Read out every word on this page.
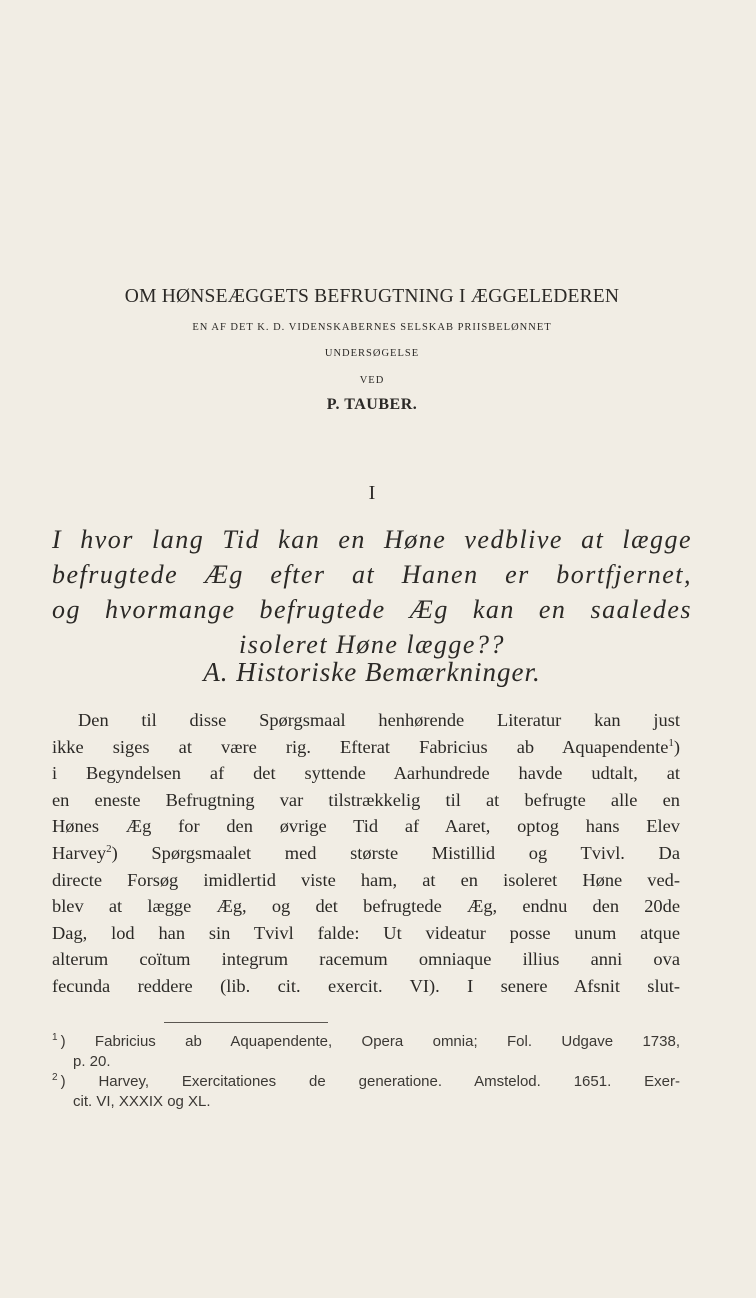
OM HØNSEÆGGETS BEFRUGTNING I ÆGGELEDEREN
EN AF DET K. D. VIDENSKABERNES SELSKAB PRIISBELØNNET
UNDERSØGELSE
VED
P. TAUBER.
I
I hvor lang Tid kan en Høne vedblive at lægge
befrugtede Æg efter at Hanen er bortfjernet,
og hvormange befrugtede Æg kan en saaledes
isoleret Høne lægge??
A. Historiske Bemærkninger.
Den til disse Spørgsmaal henhørende Literatur kan just
ikke siges at være rig. Efterat Fabricius ab Aquapendente$^1$)
i Begyndelsen af det syttende Aarhundrede havde udtalt, at
en eneste Befrugtning var tilstrækkelig til at befrugte alle en
Hønes Æg for den øvrige Tid af Aaret, optog hans Elev
Harvey$^2$) Spørgsmaalet med største Mistillid og Tvivl. Da
directe Forsøg imidlertid viste ham, at en isoleret Høne ved-
blev at lægge Æg, og det befrugtede Æg, endnu den 20de
Dag, lod han sin Tvivl falde: Ut videatur posse unum atque
alterum coïtum integrum racemum omniaque illius anni ova
fecunda reddere (lib. cit. exercit. VI). I senere Afsnit slut-
$^1$ ) Fabricius ab Aquapendente, Opera omnia; Fol. Udgave 1738,
p. 20.
$^2$ ) Harvey, Exercitationes de generatione. Amstelod. 1651. Exer-
cit. VI, XXXIX og XL.
